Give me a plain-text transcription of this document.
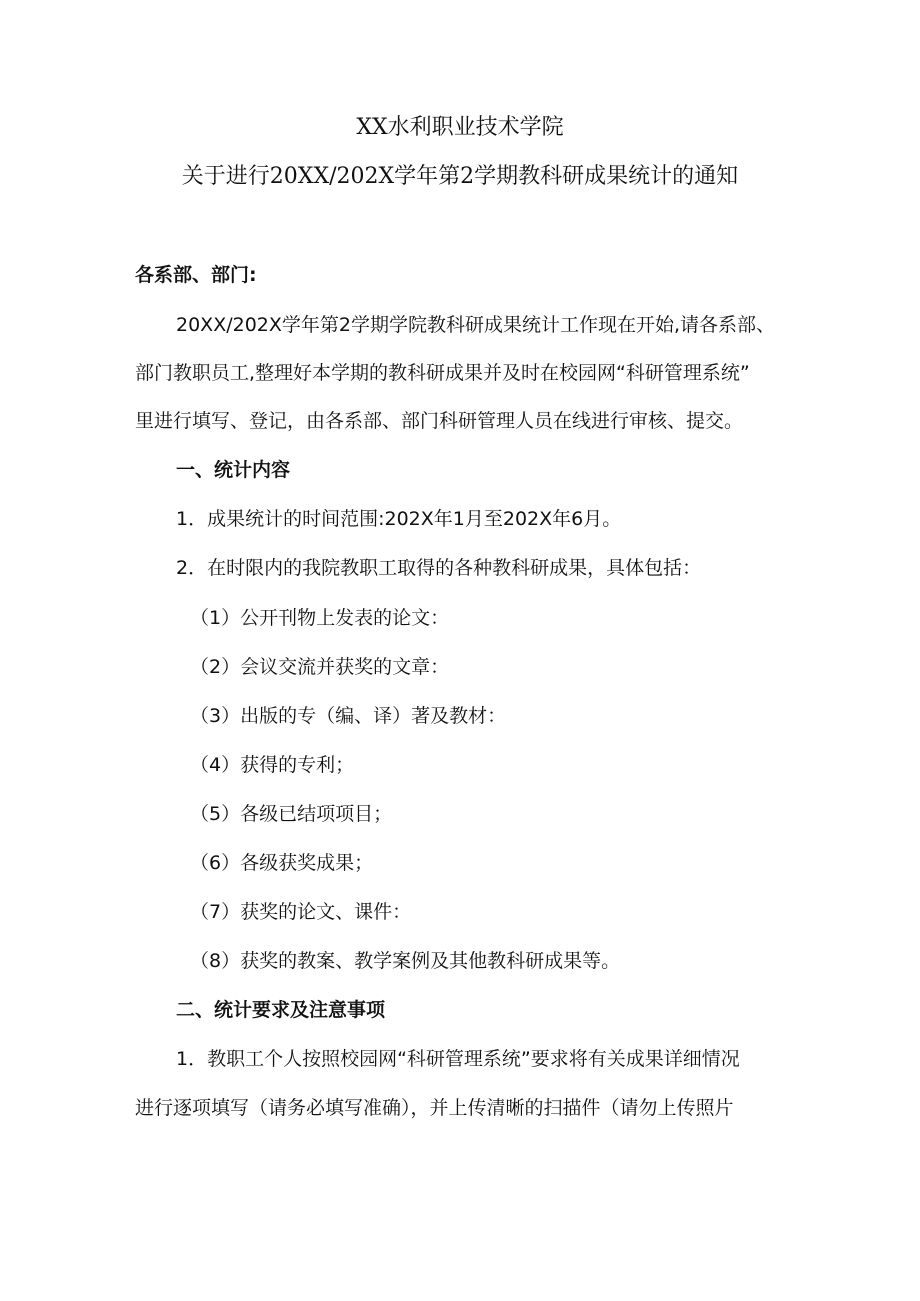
XX水利职业技术学院
关于进行20XX/202X学年第2学期教科研成果统计的通知
各系部、部门:
20XX/202X学年第2学期学院教科研成果统计工作现在开始,请各系部、
部门教职员工,整理好本学期的教科研成果并及时在校园网“科研管理系统”
里进行填写、登记，由各系部、部门科研管理人员在线进行审核、提交。
一、统计内容
1．成果统计的时间范围:202X年1月至202X年6月。
2．在时限内的我院教职工取得的各种教科研成果，具体包括：
（1）公开刊物上发表的论文：
（2）会议交流并获奖的文章：
（3）出版的专（编、译）著及教材：
（4）获得的专利；
（5）各级已结项项目；
（6）各级获奖成果；
（7）获奖的论文、课件：
（8）获奖的教案、教学案例及其他教科研成果等。
二、统计要求及注意事项
1．教职工个人按照校园网“科研管理系统”要求将有关成果详细情况
进行逐项填写（请务必填写准确），并上传清晰的扫描件（请勿上传照片
